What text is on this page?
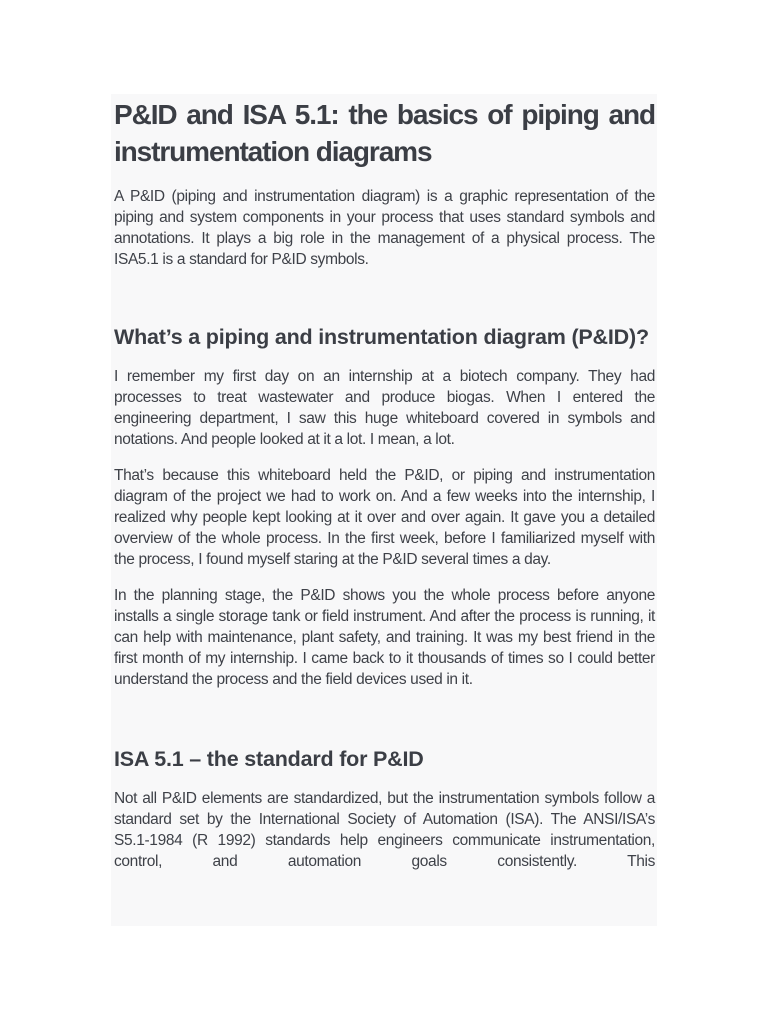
P&ID and ISA 5.1: the basics of piping and instrumentation diagrams

A P&ID (piping and instrumentation diagram) is a graphic representation of the piping and system components in your process that uses standard symbols and annotations. It plays a big role in the management of a physical process. The ISA5.1 is a standard for P&ID symbols.

What’s a piping and instrumentation diagram (P&ID)?

I remember my first day on an internship at a biotech company. They had processes to treat wastewater and produce biogas. When I entered the engineering department, I saw this huge whiteboard covered in symbols and notations. And people looked at it a lot. I mean, a lot.

That’s because this whiteboard held the P&ID, or piping and instrumentation diagram of the project we had to work on. And a few weeks into the internship, I realized why people kept looking at it over and over again. It gave you a detailed overview of the whole process. In the first week, before I familiarized myself with the process, I found myself staring at the P&ID several times a day.

In the planning stage, the P&ID shows you the whole process before anyone installs a single storage tank or field instrument. And after the process is running, it can help with maintenance, plant safety, and training. It was my best friend in the first month of my internship. I came back to it thousands of times so I could better understand the process and the field devices used in it.

ISA 5.1 – the standard for P&ID

Not all P&ID elements are standardized, but the instrumentation symbols follow a standard set by the International Society of Automation (ISA). The ANSI/ISA’s S5.1-1984 (R 1992) standards help engineers communicate instrumentation, control, and automation goals consistently. This
